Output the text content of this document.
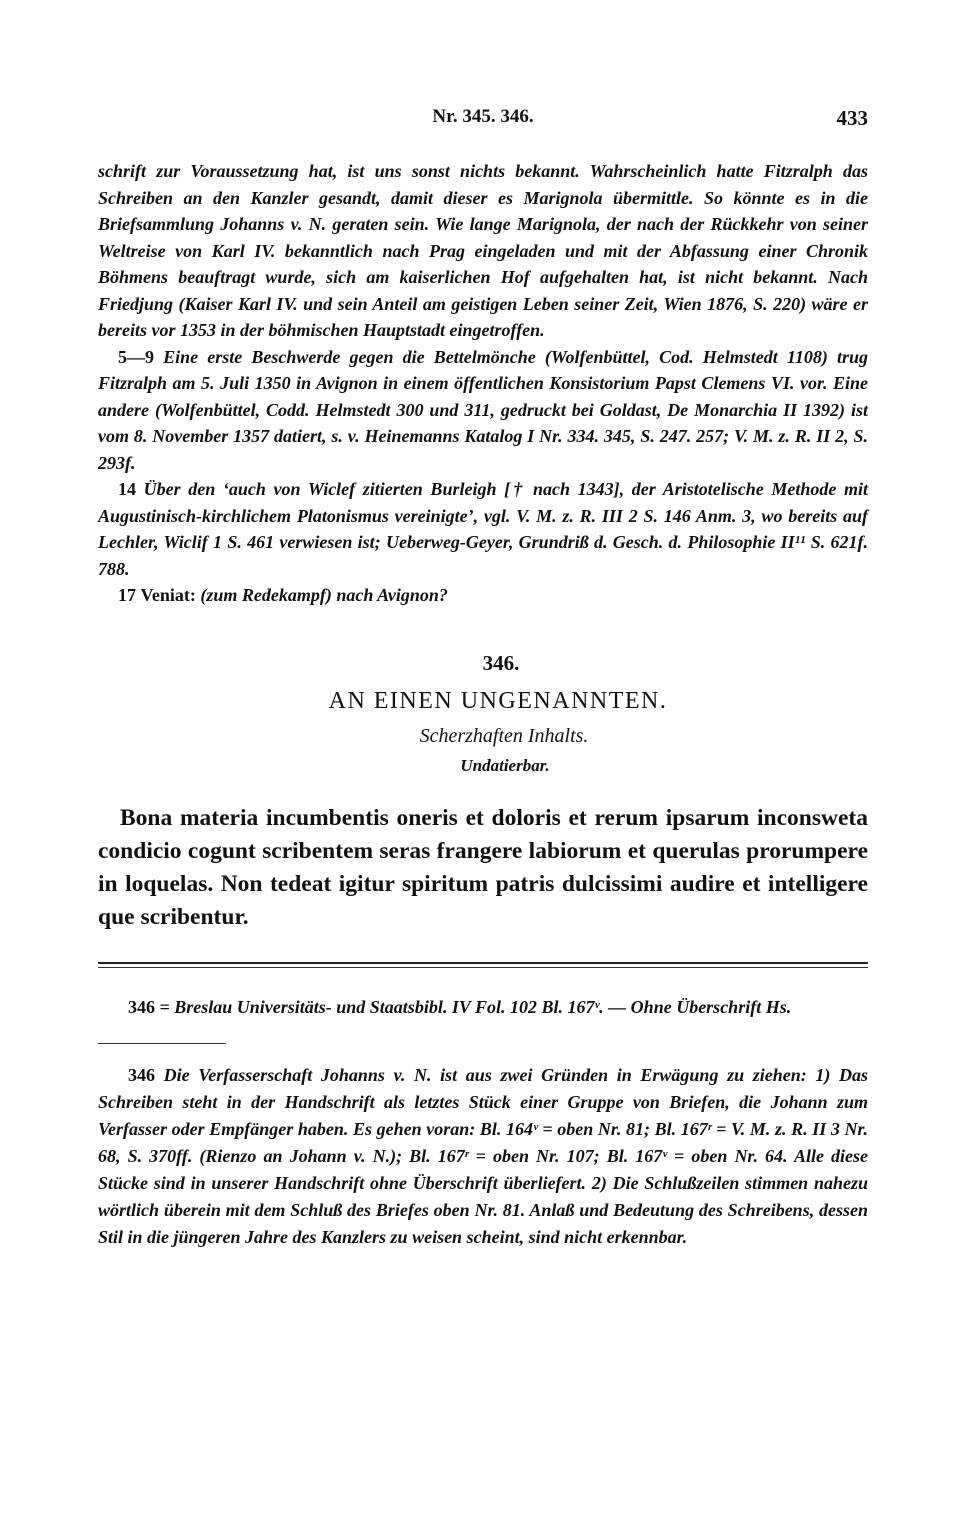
Nr. 345. 346.	433

schrift zur Voraussetzung hat, ist uns sonst nichts bekannt. Wahrscheinlich hatte Fitzralph das Schreiben an den Kanzler gesandt, damit dieser es Marignola übermittle. So könnte es in die Briefsammlung Johanns v. N. geraten sein. Wie lange Marignola, der nach der Rückkehr von seiner Weltreise von Karl IV. bekanntlich nach Prag eingeladen und mit der Abfassung einer Chronik Böhmens beauftragt wurde, sich am kaiserlichen Hof aufgehalten hat, ist nicht bekannt. Nach Friedjung (Kaiser Karl IV. und sein Anteil am geistigen Leben seiner Zeit, Wien 1876, S. 220) wäre er bereits vor 1353 in der böhmischen Hauptstadt eingetroffen.

5—9 Eine erste Beschwerde gegen die Bettelmönche (Wolfenbüttel, Cod. Helmstedt 1108) trug Fitzralph am 5. Juli 1350 in Avignon in einem öffentlichen Konsistorium Papst Clemens VI. vor. Eine andere (Wolfenbüttel, Codd. Helmstedt 300 und 311, gedruckt bei Goldast, De Monarchia II 1392) ist vom 8. November 1357 datiert, s. v. Heinemanns Katalog I Nr. 334. 345, S. 247. 257; V. M. z. R. II 2, S. 293f.

14 Über den ‘auch von Wiclef zitierten Burleigh [† nach 1343], der Aristotelische Methode mit Augustinisch-kirchlichem Platonismus vereinigte’, vgl. V. M. z. R. III 2 S. 146 Anm. 3, wo bereits auf Lechler, Wiclif 1 S. 461 verwiesen ist; Ueberweg-Geyer, Grundriß d. Gesch. d. Philosophie II¹¹ S. 621f. 788.

17 Veniat: (zum Redekampf) nach Avignon?

346.
AN EINEN UNGENANNTEN.
Scherzhaften Inhalts.
Undatierbar.

Bona materia incumbentis oneris et doloris et rerum ipsarum inconsweta condicio cogunt scribentem seras frangere labiorum et querulas prorumpere in loquelas. Non tedeat igitur spiritum patris dulcissimi audire et intelligere que scribentur.

346 = Breslau Universitäts- und Staatsbibl. IV Fol. 102 Bl. 167ᵛ. — Ohne Überschrift Hs.

346 Die Verfasserschaft Johanns v. N. ist aus zwei Gründen in Erwägung zu ziehen: 1) Das Schreiben steht in der Handschrift als letztes Stück einer Gruppe von Briefen, die Johann zum Verfasser oder Empfänger haben. Es gehen voran: Bl. 164ᵛ = oben Nr. 81; Bl. 167ʳ = V. M. z. R. II 3 Nr. 68, S. 370ff. (Rienzo an Johann v. N.); Bl. 167ʳ = oben Nr. 107; Bl. 167ᵛ = oben Nr. 64. Alle diese Stücke sind in unserer Handschrift ohne Überschrift überliefert. 2) Die Schlußzeilen stimmen nahezu wörtlich überein mit dem Schluß des Briefes oben Nr. 81. Anlaß und Bedeutung des Schreibens, dessen Stil in die jüngeren Jahre des Kanzlers zu weisen scheint, sind nicht erkennbar.
